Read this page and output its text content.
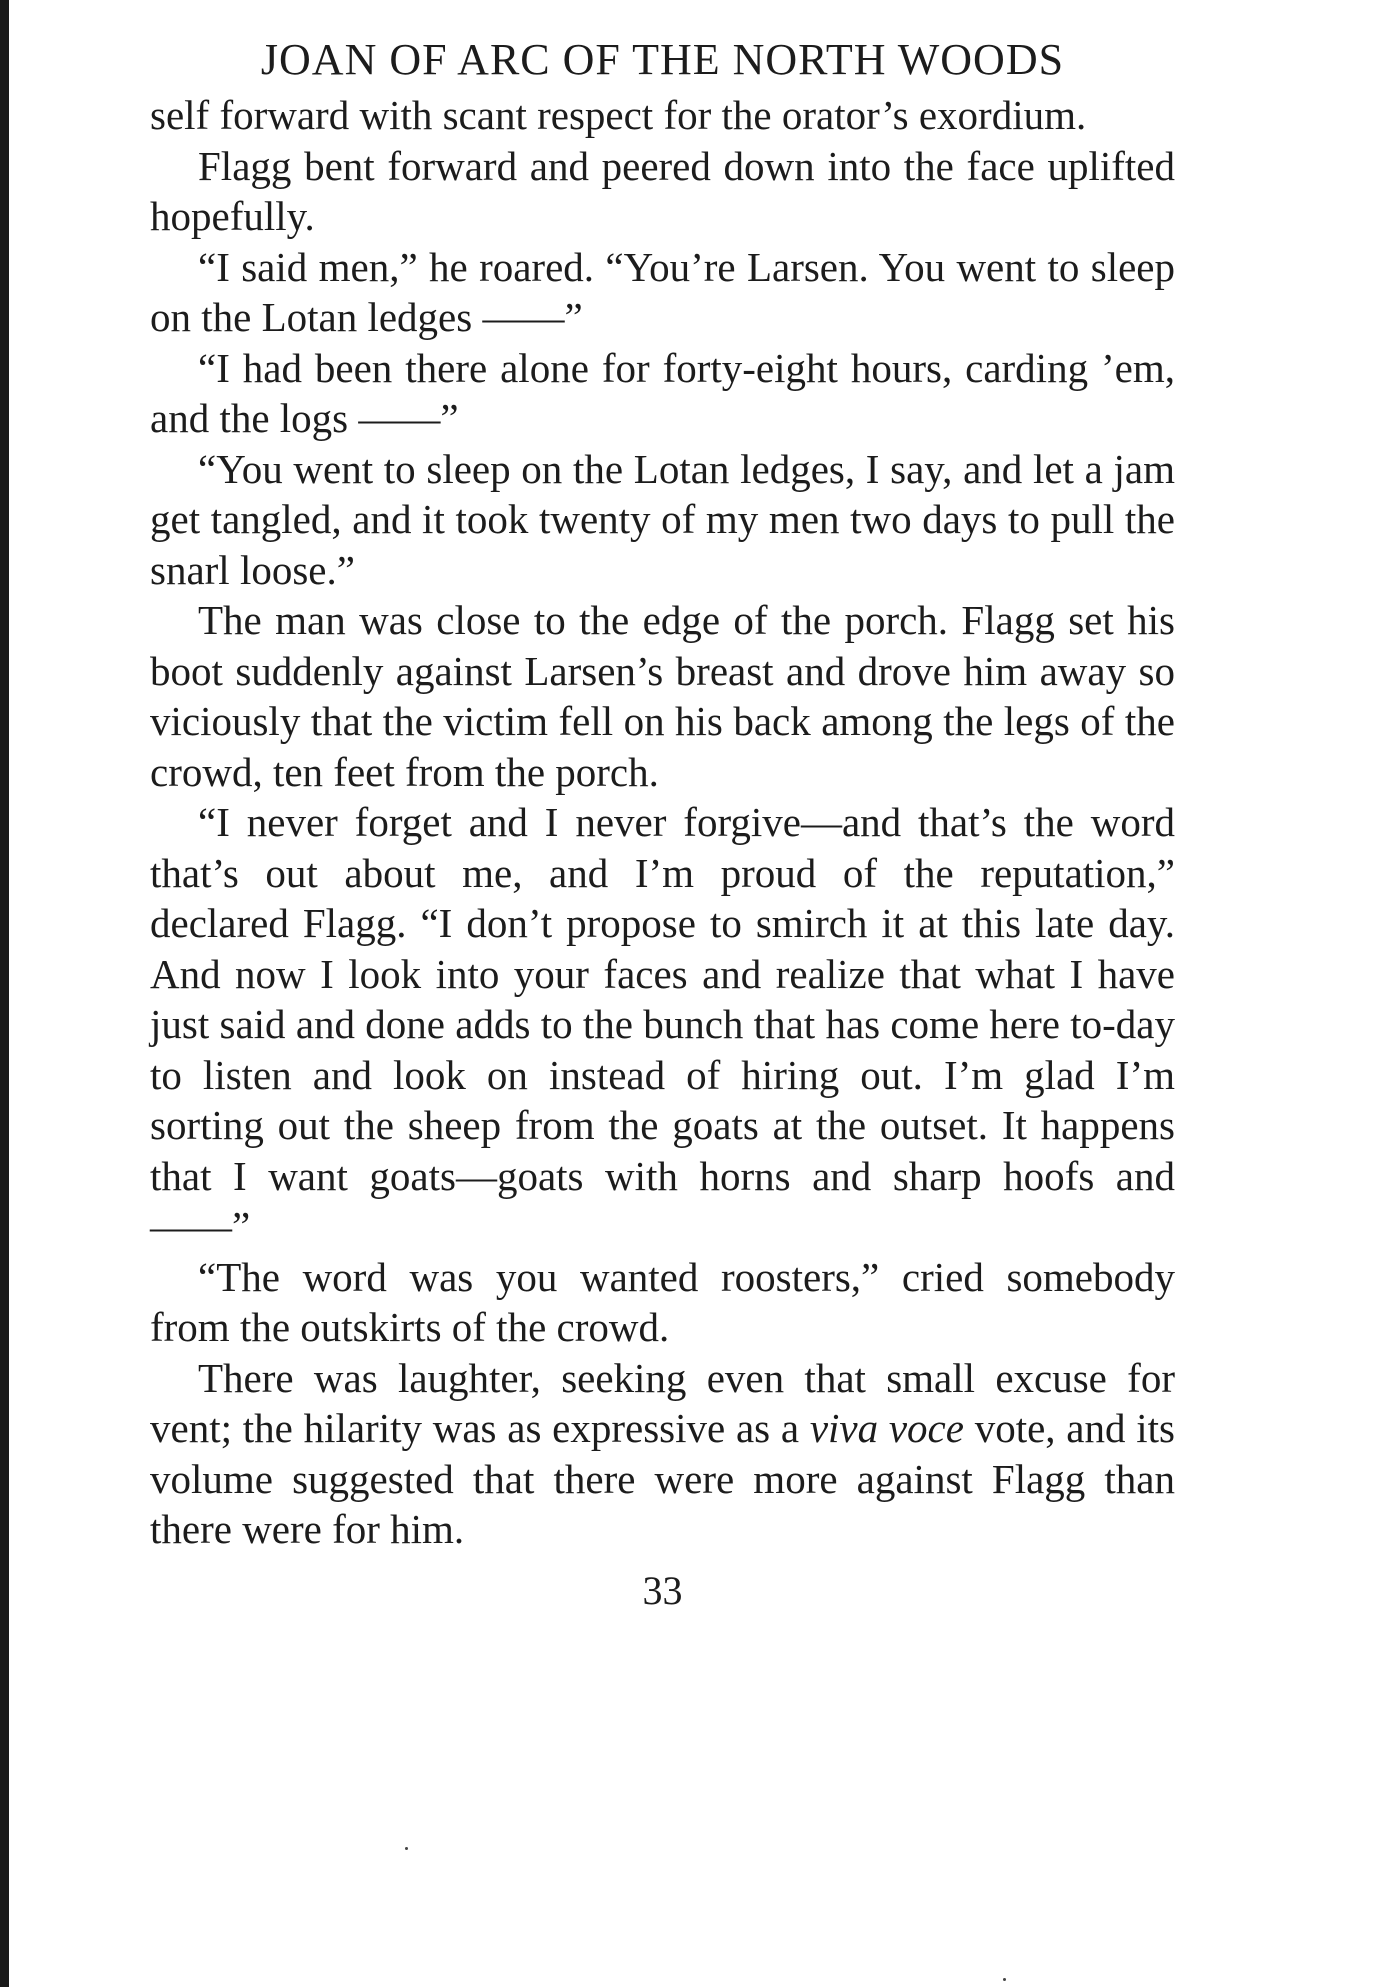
JOAN OF ARC OF THE NORTH WOODS

self forward with scant respect for the orator’s exordium.

Flagg bent forward and peered down into the face uplifted hopefully.

“I said men,” he roared. “You’re Larsen. You went to sleep on the Lotan ledges ——”

“I had been there alone for forty-eight hours, carding ’em, and the logs ——”

“You went to sleep on the Lotan ledges, I say, and let a jam get tangled, and it took twenty of my men two days to pull the snarl loose.”

The man was close to the edge of the porch. Flagg set his boot suddenly against Larsen’s breast and drove him away so viciously that the victim fell on his back among the legs of the crowd, ten feet from the porch.

“I never forget and I never forgive—and that’s the word that’s out about me, and I’m proud of the reputation,” declared Flagg. “I don’t propose to smirch it at this late day. And now I look into your faces and realize that what I have just said and done adds to the bunch that has come here to-day to listen and look on instead of hiring out. I’m glad I’m sorting out the sheep from the goats at the outset. It happens that I want goats—goats with horns and sharp hoofs and ——”

“The word was you wanted roosters,” cried somebody from the outskirts of the crowd.

There was laughter, seeking even that small excuse for vent; the hilarity was as expressive as a viva voce vote, and its volume suggested that there were more against Flagg than there were for him.

33
